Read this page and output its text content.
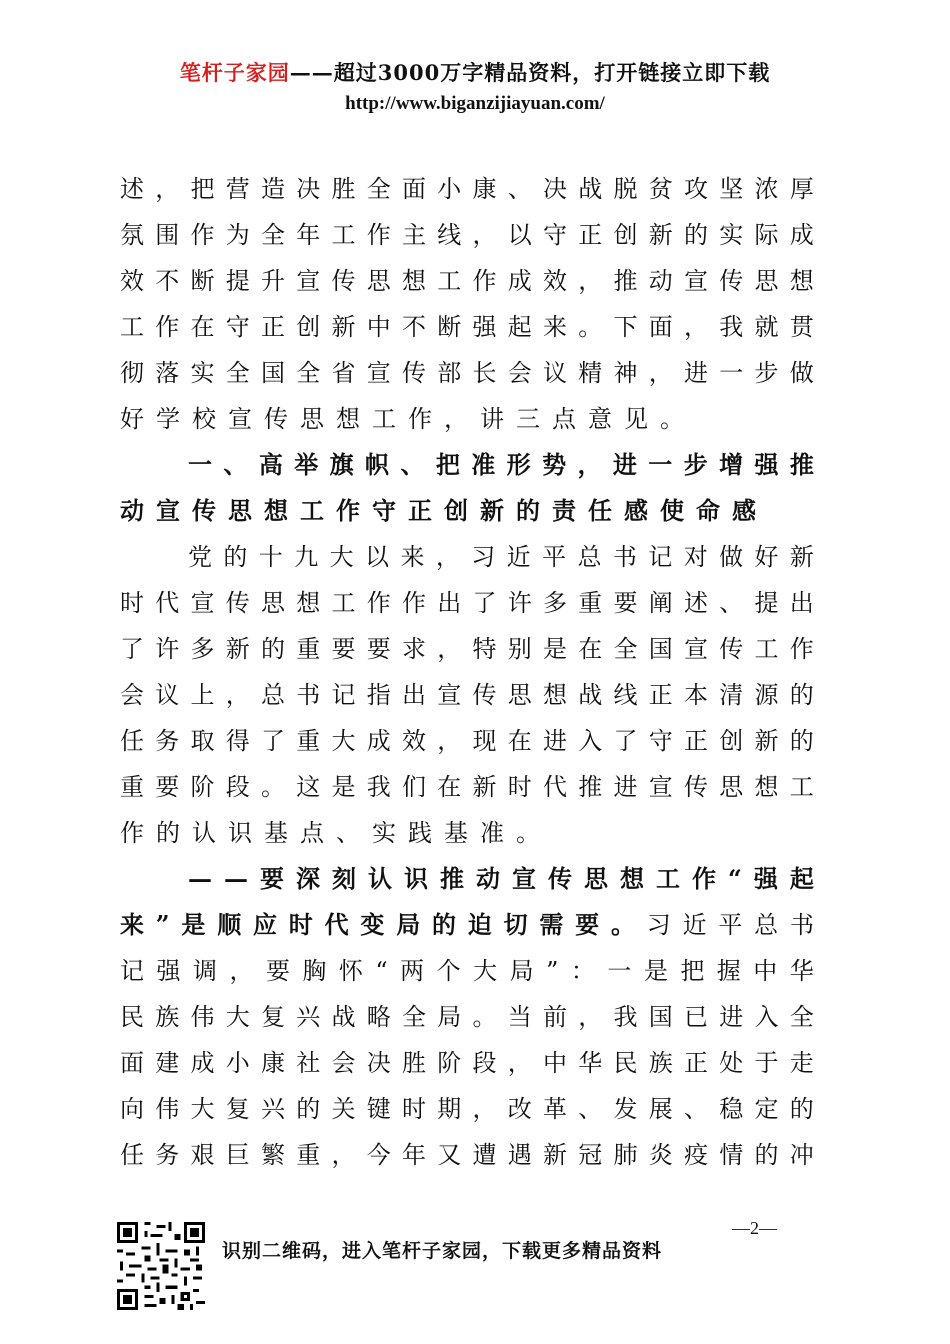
笔杆子家园——超过3000万字精品资料，打开链接立即下载
http://www.biganzijiayuan.com/
述 ， 把 营 造 决 胜 全 面 小 康 、 决 战 脱 贫 攻 坚 浓 厚
氛 围 作 为 全 年 工 作 主 线 ， 以 守 正 创 新 的 实 际 成
效 不 断 提 升 宣 传 思 想 工 作 成 效 ， 推 动 宣 传 思 想
工 作 在 守 正 创 新 中 不 断 强 起 来 。 下 面 ， 我 就 贯
彻 落 实 全 国 全 省 宣 传 部 长 会 议 精 神 ， 进 一 步 做
好 学 校 宣 传 思 想 工 作 ， 讲 三 点 意 见 。
一 、 高 举 旗 帜 、 把 准 形 势 ， 进 一 步 增 强 推
动 宣 传 思 想 工 作 守 正 创 新 的 责 任 感 使 命 感
党 的 十 九 大 以 来 ， 习 近 平 总 书 记 对 做 好 新
时 代 宣 传 思 想 工 作 作 出 了 许 多 重 要 阐 述 、 提 出
了 许 多 新 的 重 要 要 求 ， 特 别 是 在 全 国 宣 传 工 作
会 议 上 ， 总 书 记 指 出 宣 传 思 想 战 线 正 本 清 源 的
任 务 取 得 了 重 大 成 效 ， 现 在 进 入 了 守 正 创 新 的
重 要 阶 段 。 这 是 我 们 在 新 时 代 推 进 宣 传 思 想 工
作 的 认 识 基 点 、 实 践 基 准 。
— — 要 深 刻 认 识 推 动 宣 传 思 想 工 作 “ 强 起
来 ” 是 顺 应 时 代 变 局 的 迫 切 需 要 。 习 近 平 总 书
记 强 调 ， 要 胸 怀 “ 两 个 大 局 ” ： 一 是 把 握 中 华
民 族 伟 大 复 兴 战 略 全 局 。 当 前 ， 我 国 已 进 入 全
面 建 成 小 康 社 会 决 胜 阶 段 ， 中 华 民 族 正 处 于 走
向 伟 大 复 兴 的 关 键 时 期 ， 改 革 、 发 展 、 稳 定 的
任 务 艰 巨 繁 重 ， 今 年 又 遭 遇 新 冠 肺 炎 疫 情 的 冲
识别二维码，进入笔杆子家园，下载更多精品资料
—2—
